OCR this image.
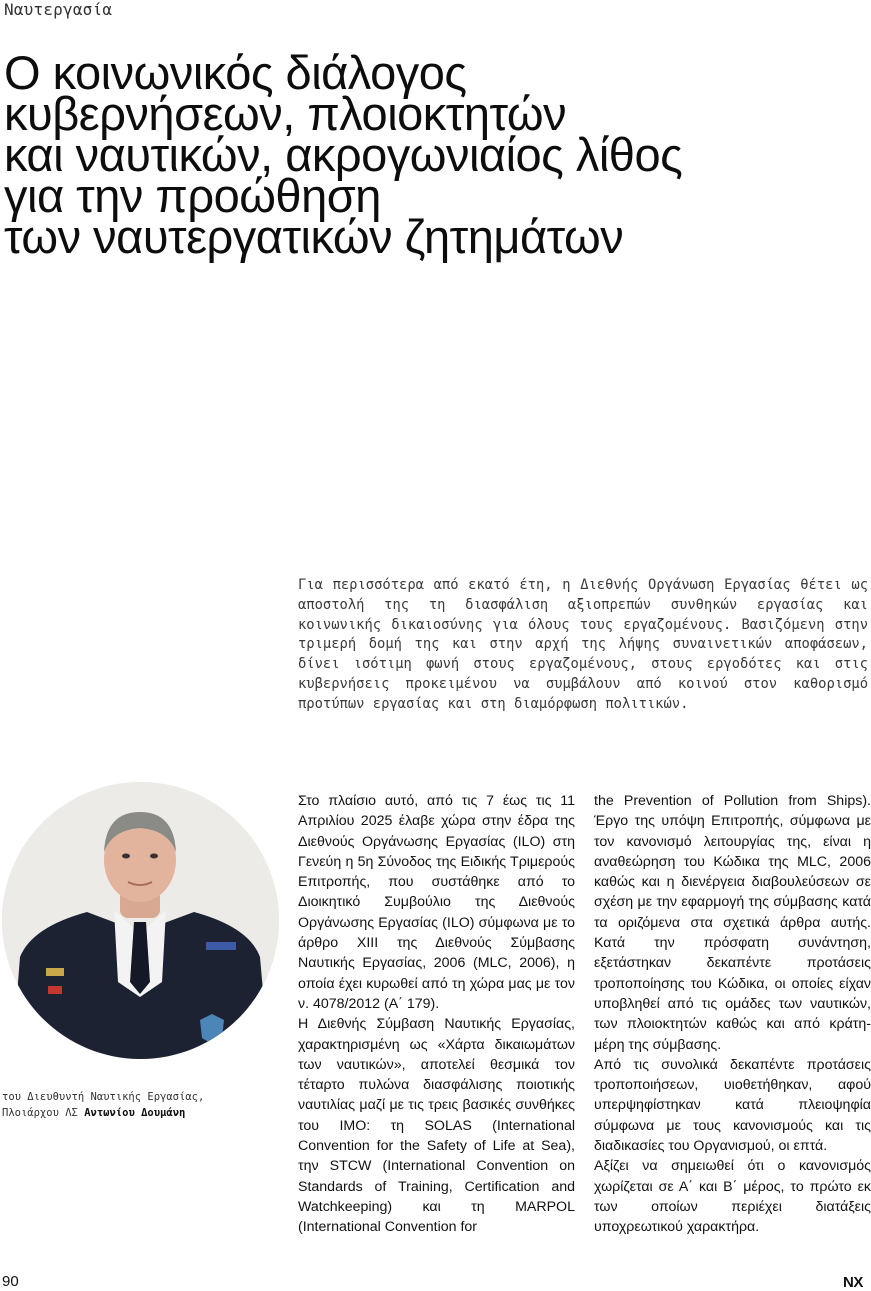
Ναυτεργασία
Ο κοινωνικός διάλογος
κυβερνήσεων, πλοιοκτητών
και ναυτικών, ακρογωνιαίος λίθος
για την προώθηση
των ναυτεργατικών ζητημάτων
Για περισσότερα από εκατό έτη, η Διεθνής Οργάνωση Εργασίας θέτει ως αποστολή της τη διασφάλιση αξιοπρεπών συνθηκών εργασίας και κοινωνικής δικαιοσύνης για όλους τους εργαζομένους. Βασιζόμενη στην τριμερή δομή της και στην αρχή της λήψης συναινετικών αποφάσεων, δίνει ισότιμη φωνή στους εργαζομένους, στους εργοδότες και στις κυβερνήσεις προκειμένου να συμβάλουν από κοινού στον καθορισμό προτύπων εργασίας και στη διαμόρφωση πολιτικών.
του Διευθυντή Ναυτικής Εργασίας, Πλοιάρχου ΛΣ Αντωνίου Δουμάνη

Στο πλαίσιο αυτό, από τις 7 έως τις 11 Απριλίου 2025 έλαβε χώρα στην έδρα της Διεθνούς Οργάνωσης Εργασίας (ILO) στη Γενεύη η 5η Σύνοδος της Ειδικής Τριμερούς Επιτροπής, που συστάθηκε από το Διοικητικό Συμβούλιο της Διεθνούς Οργάνωσης Εργασίας (ILO) σύμφωνα με το άρθρο XIII της Διεθνούς Σύμβασης Ναυτικής Εργασίας, 2006 (MLC, 2006), η οποία έχει κυρωθεί από τη χώρα μας με τον ν. 4078/2012 (Α΄ 179).

Η Διεθνής Σύμβαση Ναυτικής Εργασίας, χαρακτηρισμένη ως «Χάρτα δικαιωμάτων των ναυτικών», αποτελεί θεσμικά τον τέταρτο πυλώνα διασφάλισης ποιοτικής ναυτιλίας μαζί με τις τρεις βασικές συνθήκες του IMO: τη SOLAS (International Convention for the Safety of Life at Sea), την STCW (International Convention on Standards of Training, Certification and Watchkeeping) και τη MARPOL (International Convention for

the Prevention of Pollution from Ships). Έργο της υπόψη Επιτροπής, σύμφωνα με τον κανονισμό λειτουργίας της, είναι η αναθεώρηση του Κώδικα της MLC, 2006 καθώς και η διενέργεια διαβουλεύσεων σε σχέση με την εφαρμογή της σύμβασης κατά τα οριζόμενα στα σχετικά άρθρα αυτής. Κατά την πρόσφατη συνάντηση, εξετάστηκαν δεκαπέντε προτάσεις τροποποίησης του Κώδικα, οι οποίες είχαν υποβληθεί από τις ομάδες των ναυτικών, των πλοιοκτητών καθώς και από κράτη-μέρη της σύμβασης.

Από τις συνολικά δεκαπέντε προτάσεις τροποποιήσεων, υιοθετήθηκαν, αφού υπερψηφίστηκαν κατά πλειοψηφία σύμφωνα με τους κανονισμούς και τις διαδικασίες του Οργανισμού, οι επτά.

Αξίζει να σημειωθεί ότι ο κανονισμός χωρίζεται σε Α΄ και Β΄ μέρος, το πρώτο εκ των οποίων περιέχει διατάξεις υποχρεωτικού χαρακτήρα.

90	NX
